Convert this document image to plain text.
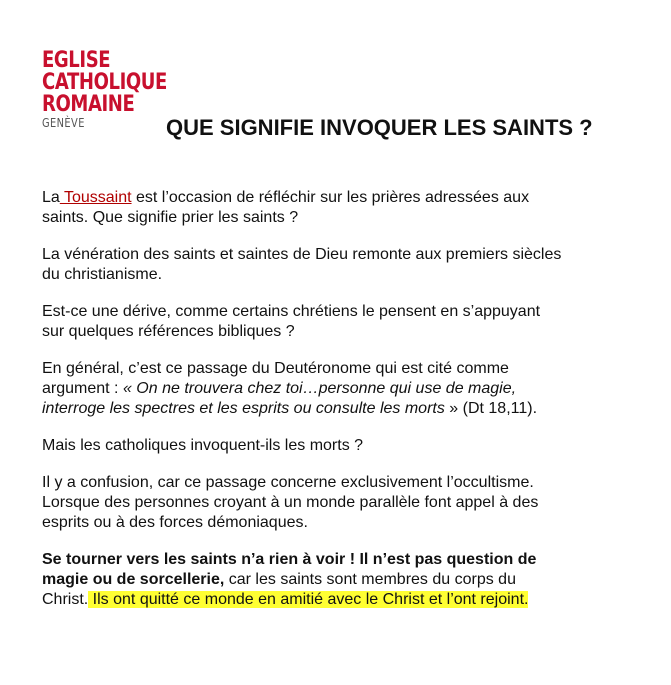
EGLISE
CATHOLIQUE
ROMAINE
GENÈVE	QUE SIGNIFIE INVOQUER LES SAINTS ?

La Toussaint est l’occasion de réfléchir sur les prières adressées aux saints. Que signifie prier les saints ?

La vénération des saints et saintes de Dieu remonte aux premiers siècles du christianisme.

Est-ce une dérive, comme certains chrétiens le pensent en s’appuyant sur quelques références bibliques ?

En général, c’est ce passage du Deutéronome qui est cité comme argument : « On ne trouvera chez toi…personne qui use de magie, interroge les spectres et les esprits ou consulte les morts » (Dt 18,11).

Mais les catholiques invoquent-ils les morts ?

Il y a confusion, car ce passage concerne exclusivement l’occultisme. Lorsque des personnes croyant à un monde parallèle font appel à des esprits ou à des forces démoniaques.

Se tourner vers les saints n’a rien à voir ! Il n’est pas question de magie ou de sorcellerie, car les saints sont membres du corps du Christ. Ils ont quitté ce monde en amitié avec le Christ et l’ont rejoint.
